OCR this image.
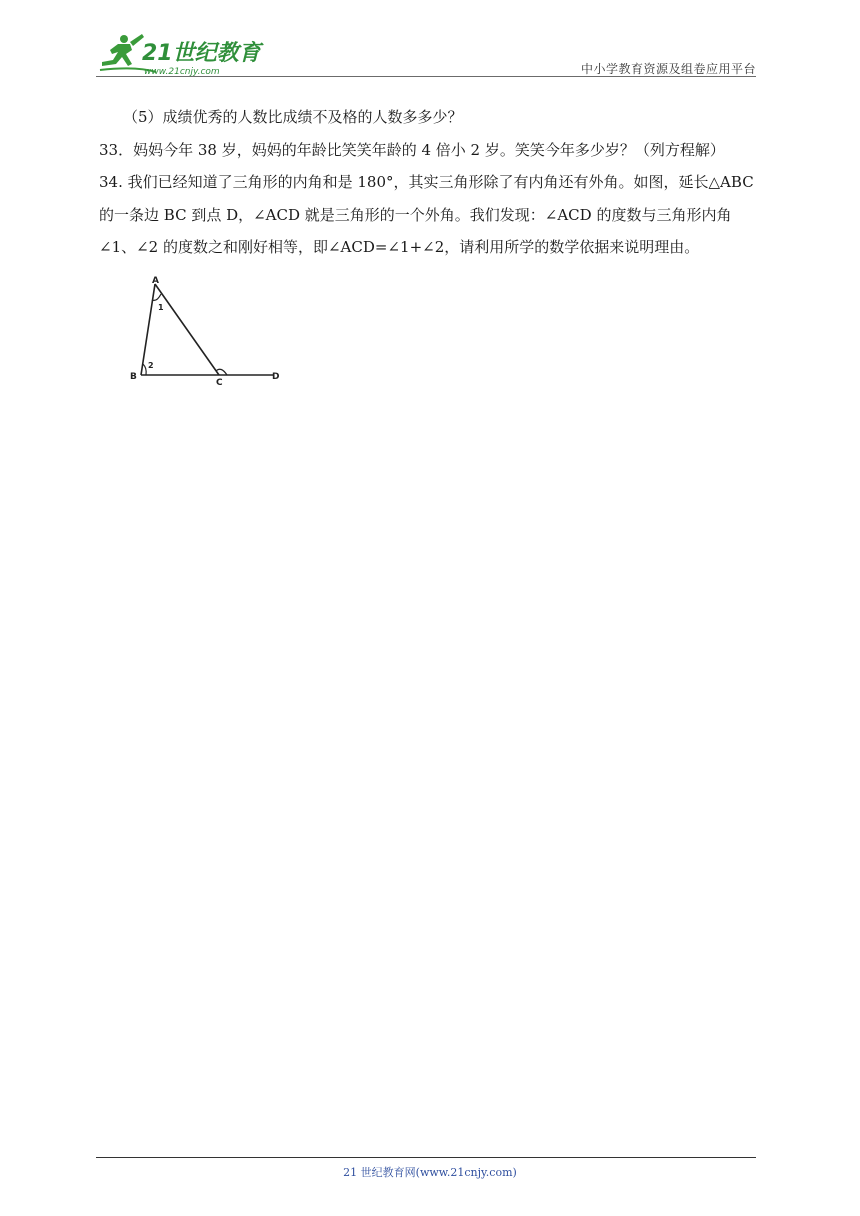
21世纪教育
www.21cnjy.com	中小学教育资源及组卷应用平台
（5）成绩优秀的人数比成绩不及格的人数多多少？
33．妈妈今年 38 岁，妈妈的年龄比笑笑年龄的 4 倍小 2 岁。笑笑今年多少岁？（列方程解）
34. 我们已经知道了三角形的内角和是 180°，其实三角形除了有内角还有外角。如图，延长△ABC
的一条边 BC 到点 D，∠ACD 就是三角形的一个外角。我们发现：∠ACD 的度数与三角形内角
∠1、∠2 的度数之和刚好相等，即∠ACD=∠1+∠2，请利用所学的数学依据来说明理由。
A
B
C
D
1
2
21 世纪教育网(www.21cnjy.com)
